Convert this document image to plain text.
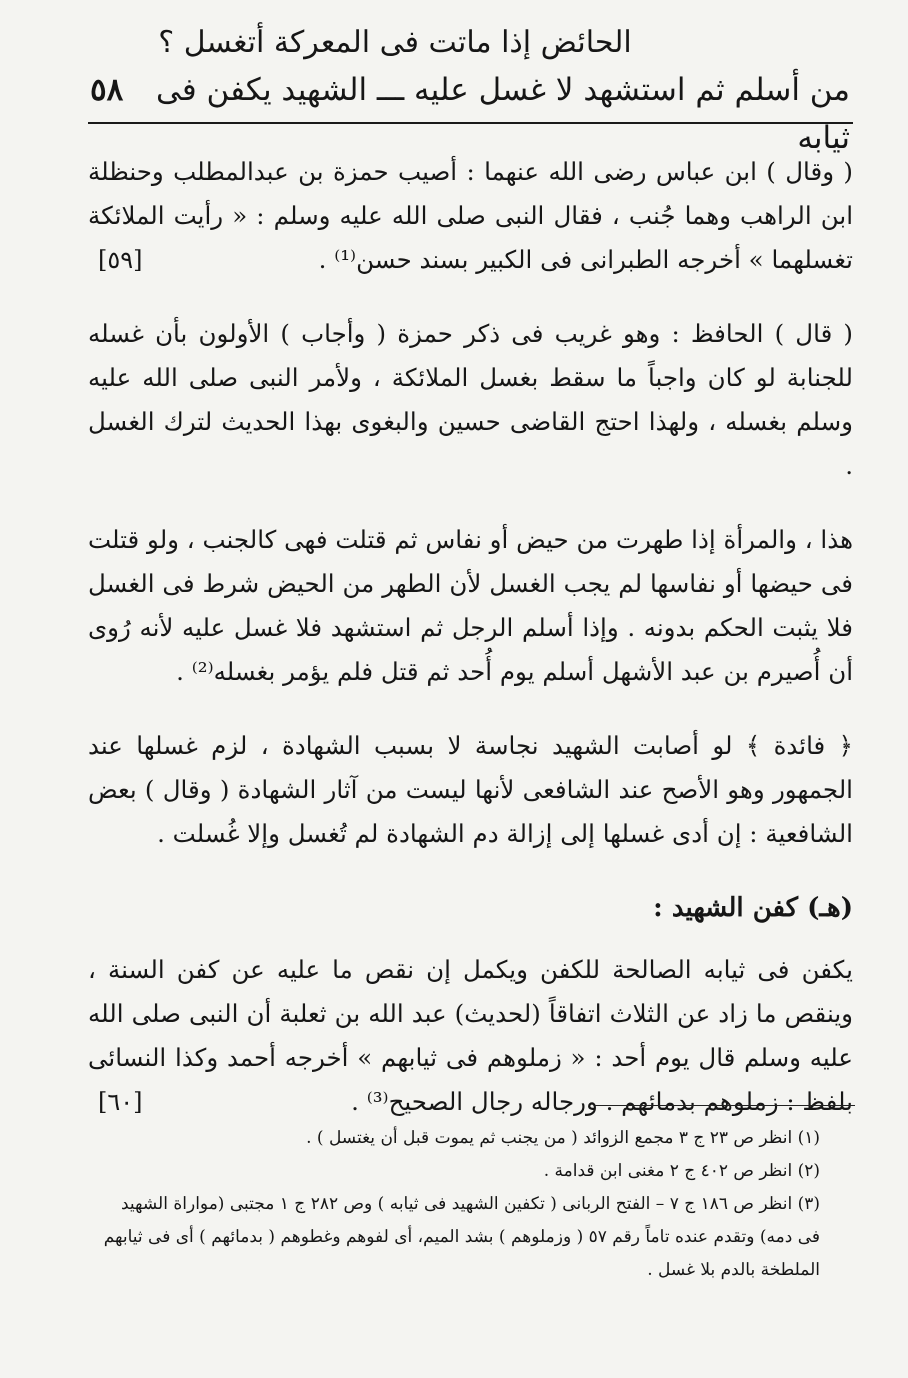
الحائض إذا ماتت فى المعركة أتغسل ؟
من أسلم ثم استشهد لا غسل عليه ـــ الشهيد يكفن فى ثيابه
٥٨

( وقال ) ابن عباس رضى الله عنهما : أصيب حمزة بن عبدالمطلب وحنظلة ابن الراهب وهما جُنب ، فقال النبى صلى الله عليه وسلم : « رأيت الملائكة تغسلهما » أخرجه الطبرانى فى الكبير بسند حسن⁽¹⁾ .
[٥٩]

( قال ) الحافظ : وهو غريب فى ذكر حمزة ( وأجاب ) الأولون بأن غسله للجنابة لو كان واجباً ما سقط بغسل الملائكة ، ولأمر النبى صلى الله عليه وسلم بغسله ، ولهذا احتج القاضى حسين والبغوى بهذا الحديث لترك الغسل .

هذا ، والمرأة إذا طهرت من حيض أو نفاس ثم قتلت فهى كالجنب ، ولو قتلت فى حيضها أو نفاسها لم يجب الغسل لأن الطهر من الحيض شرط فى الغسل فلا يثبت الحكم بدونه . وإذا أسلم الرجل ثم استشهد فلا غسل عليه لأنه رُوى أن أُصيرم بن عبد الأشهل أسلم يوم أُحد ثم قتل فلم يؤمر بغسله⁽²⁾ .

﴿ فائدة ﴾ لو أصابت الشهيد نجاسة لا بسبب الشهادة ، لزم غسلها عند الجمهور وهو الأصح عند الشافعى لأنها ليست من آثار الشهادة ( وقال ) بعض الشافعية : إن أدى غسلها إلى إزالة دم الشهادة لم تُغسل وإلا غُسلت .

(هـ) كفن الشهيد :

يكفن فى ثيابه الصالحة للكفن ويكمل إن نقص ما عليه عن كفن السنة ، وينقص ما زاد عن الثلاث اتفاقاً (لحديث) عبد الله بن ثعلبة أن النبى صلى الله عليه وسلم قال يوم أحد : « زملوهم فى ثيابهم » أخرجه أحمد وكذا النسائى بلفظ : زملوهم بدمائهم . ورجاله رجال الصحيح⁽³⁾ .
[٦٠]

(١) انظر ص ٢٣ ج ٣ مجمع الزوائد ( من يجنب ثم يموت قبل أن يغتسل ) .

(٢) انظر ص ٤٠٢ ج ٢ مغنى ابن قدامة .

(٣) انظر ص ١٨٦ ج ٧ – الفتح الربانى ( تكفين الشهيد فى ثيابه ) وص ٢٨٢ ج ١ مجتبى (مواراة الشهيد فى دمه) وتقدم عنده تاماً رقم ٥٧ ( وزملوهم ) بشد الميم، أى لفوهم وغطوهم ( بدمائهم ) أى فى ثيابهم الملطخة بالدم بلا غسل .
